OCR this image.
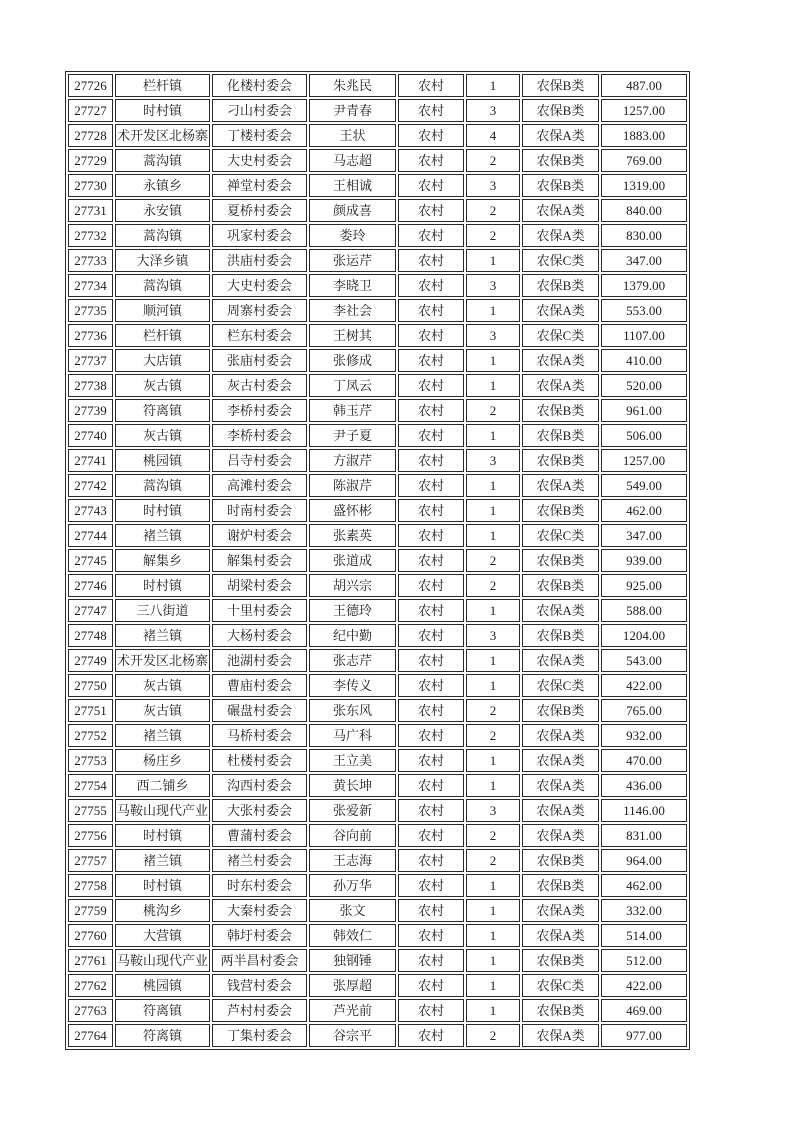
27726	栏杆镇	化楼村委会	朱兆民	农村	1	农保B类	487.00
27727	时村镇	刁山村委会	尹青春	农村	3	农保B类	1257.00
27728	术开发区北杨寨	丁楼村委会	王状	农村	4	农保A类	1883.00
27729	蒿沟镇	大史村委会	马志超	农村	2	农保B类	769.00
27730	永镇乡	禅堂村委会	王相诚	农村	3	农保B类	1319.00
27731	永安镇	夏桥村委会	颜成喜	农村	2	农保A类	840.00
27732	蒿沟镇	巩家村委会	娄玲	农村	2	农保A类	830.00
27733	大泽乡镇	洪庙村委会	张运芹	农村	1	农保C类	347.00
27734	蒿沟镇	大史村委会	李晓卫	农村	3	农保B类	1379.00
27735	顺河镇	周寨村委会	李社会	农村	1	农保A类	553.00
27736	栏杆镇	栏东村委会	王树其	农村	3	农保C类	1107.00
27737	大店镇	张庙村委会	张修成	农村	1	农保A类	410.00
27738	灰古镇	灰古村委会	丁凤云	农村	1	农保A类	520.00
27739	符离镇	李桥村委会	韩玉芹	农村	2	农保B类	961.00
27740	灰古镇	李桥村委会	尹子夏	农村	1	农保B类	506.00
27741	桃园镇	吕寺村委会	方淑芹	农村	3	农保B类	1257.00
27742	蒿沟镇	高滩村委会	陈淑芹	农村	1	农保A类	549.00
27743	时村镇	时南村委会	盛怀彬	农村	1	农保B类	462.00
27744	褚兰镇	谢炉村委会	张素英	农村	1	农保C类	347.00
27745	解集乡	解集村委会	张道成	农村	2	农保B类	939.00
27746	时村镇	胡梁村委会	胡兴宗	农村	2	农保B类	925.00
27747	三八街道	十里村委会	王德玲	农村	1	农保A类	588.00
27748	褚兰镇	大杨村委会	纪中勤	农村	3	农保B类	1204.00
27749	术开发区北杨寨	池湖村委会	张志芹	农村	1	农保A类	543.00
27750	灰古镇	曹庙村委会	李传义	农村	1	农保C类	422.00
27751	灰古镇	碾盘村委会	张东风	农村	2	农保B类	765.00
27752	褚兰镇	马桥村委会	马广科	农村	2	农保A类	932.00
27753	杨庄乡	杜楼村委会	王立美	农村	1	农保A类	470.00
27754	西二铺乡	沟西村委会	黄长坤	农村	1	农保A类	436.00
27755	马鞍山现代产业	大张村委会	张爱新	农村	3	农保A类	1146.00
27756	时村镇	曹蒲村委会	谷向前	农村	2	农保A类	831.00
27757	褚兰镇	褚兰村委会	王志海	农村	2	农保B类	964.00
27758	时村镇	时东村委会	孙万华	农村	1	农保B类	462.00
27759	桃沟乡	大秦村委会	张文	农村	1	农保A类	332.00
27760	大营镇	韩圩村委会	韩效仁	农村	1	农保A类	514.00
27761	马鞍山现代产业	两半昌村委会	独钢锤	农村	1	农保B类	512.00
27762	桃园镇	钱营村委会	张厚超	农村	1	农保C类	422.00
27763	符离镇	芦村村委会	芦光前	农村	1	农保B类	469.00
27764	符离镇	丁集村委会	谷宗平	农村	2	农保A类	977.00
